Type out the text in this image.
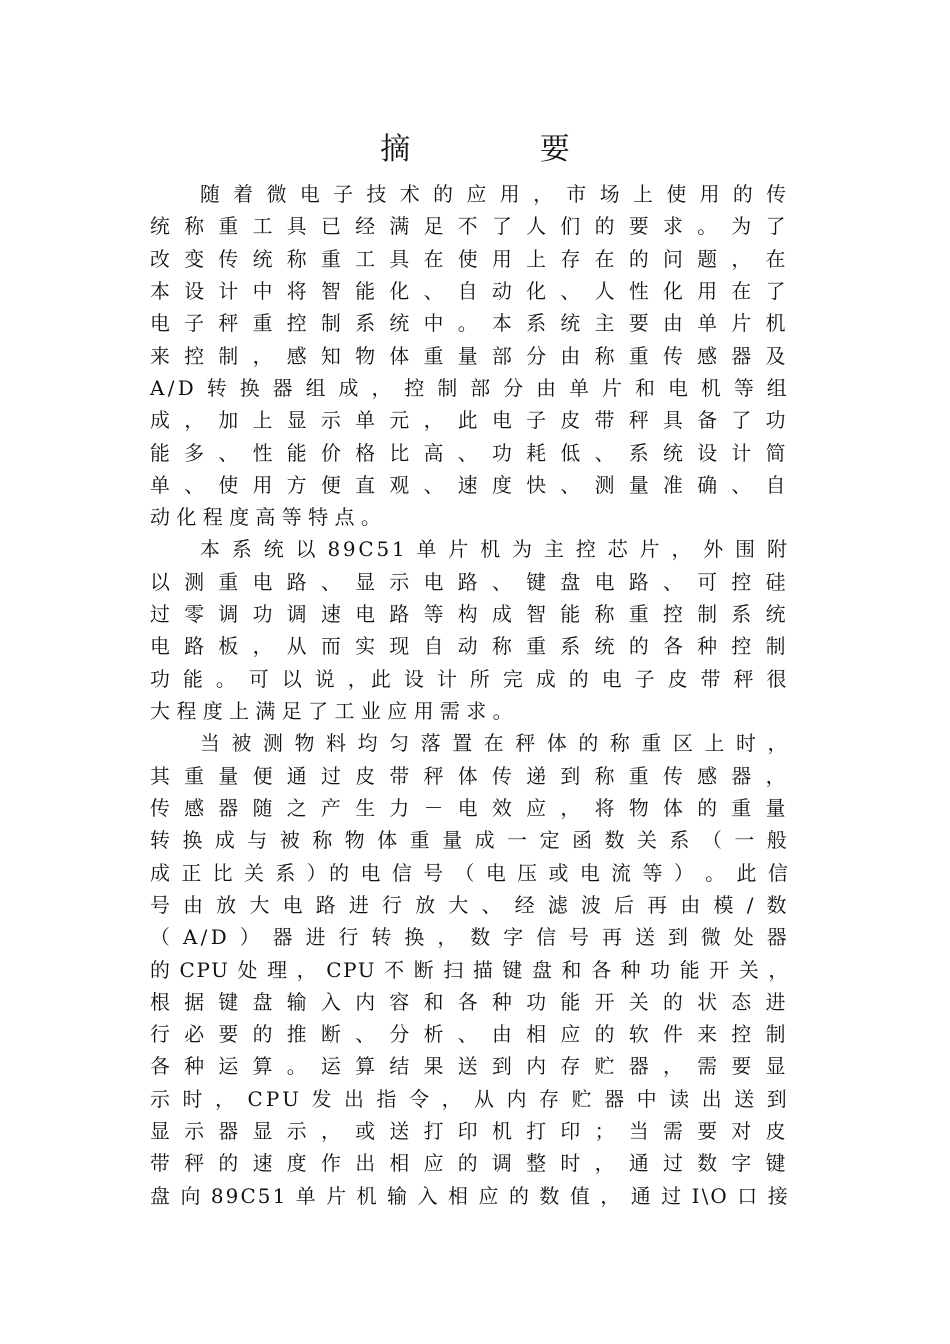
摘 要
随 着 微 电 子 技 术 的 应 用 ， 市 场 上 使 用 的 传
统 称 重 工 具 已 经 满 足 不 了 人 们 的 要 求 。 为 了
改 变 传 统 称 重 工 具 在 使 用 上 存 在 的 问 题 ， 在
本 设 计 中 将 智 能 化 、 自 动 化 、 人 性 化 用 在 了
电 子 秤 重 控 制 系 统 中 。 本 系 统 主 要 由 单 片 机
来 控 制 ， 感 知 物 体 重 量 部 分 由 称 重 传 感 器 及
A/D 转 换 器 组 成 ， 控 制 部 分 由 单 片 和 电 机 等 组
成 ， 加 上 显 示 单 元 ， 此 电 子 皮 带 秤 具 备 了 功
能 多 、 性 能 价 格 比 高 、 功 耗 低 、 系 统 设 计 简
单 、 使 用 方 便 直 观 、 速 度 快 、 测 量 准 确 、 自
动 化 程 度 高 等 特 点 。
本 系 统 以 89C51 单 片 机 为 主 控 芯 片 ， 外 围 附
以 测 重 电 路 、 显 示 电 路 、 键 盘 电 路 、 可 控 硅
过 零 调 功 调 速 电 路 等 构 成 智 能 称 重 控 制 系 统
电 路 板 ， 从 而 实 现 自 动 称 重 系 统 的 各 种 控 制
功 能 。 可 以 说 ，此 设 计 所 完 成 的 电 子 皮 带 秤 很
大 程 度 上 满 足 了 工 业 应 用 需 求 。
当 被 测 物 料 均 匀 落 置 在 秤 体 的 称 重 区 上 时 ，
其 重 量 便 通 过 皮 带 秤 体 传 递 到 称 重 传 感 器 ，
传 感 器 随 之 产 生 力 － 电 效 应 ， 将 物 体 的 重 量
转 换 成 与 被 称 物 体 重 量 成 一 定 函 数 关 系 （ 一 般
成 正 比 关 系 ）的 电 信 号 （ 电 压 或 电 流 等 ） 。 此 信
号 由 放 大 电 路 进 行 放 大 、 经 滤 波 后 再 由 模 / 数
（ A/D ） 器 进 行 转 换 ， 数 字 信 号 再 送 到 微 处 器
的 CPU 处 理 ， CPU 不 断 扫 描 键 盘 和 各 种 功 能 开 关 ，
根 据 键 盘 输 入 内 容 和 各 种 功 能 开 关 的 状 态 进
行 必 要 的 推 断 、 分 析 、 由 相 应 的 软 件 来 控 制
各 种 运 算 。 运 算 结 果 送 到 内 存 贮 器 ， 需 要 显
示 时 ， CPU 发 出 指 令 ， 从 内 存 贮 器 中 读 出 送 到
显 示 器 显 示 ， 或 送 打 印 机 打 印 ； 当 需 要 对 皮
带 秤 的 速 度 作 出 相 应 的 调 整 时 ， 通 过 数 字 键
盘 向 89C51 单 片 机 输 入 相 应 的 数 值 ， 通 过 I\O 口 接
